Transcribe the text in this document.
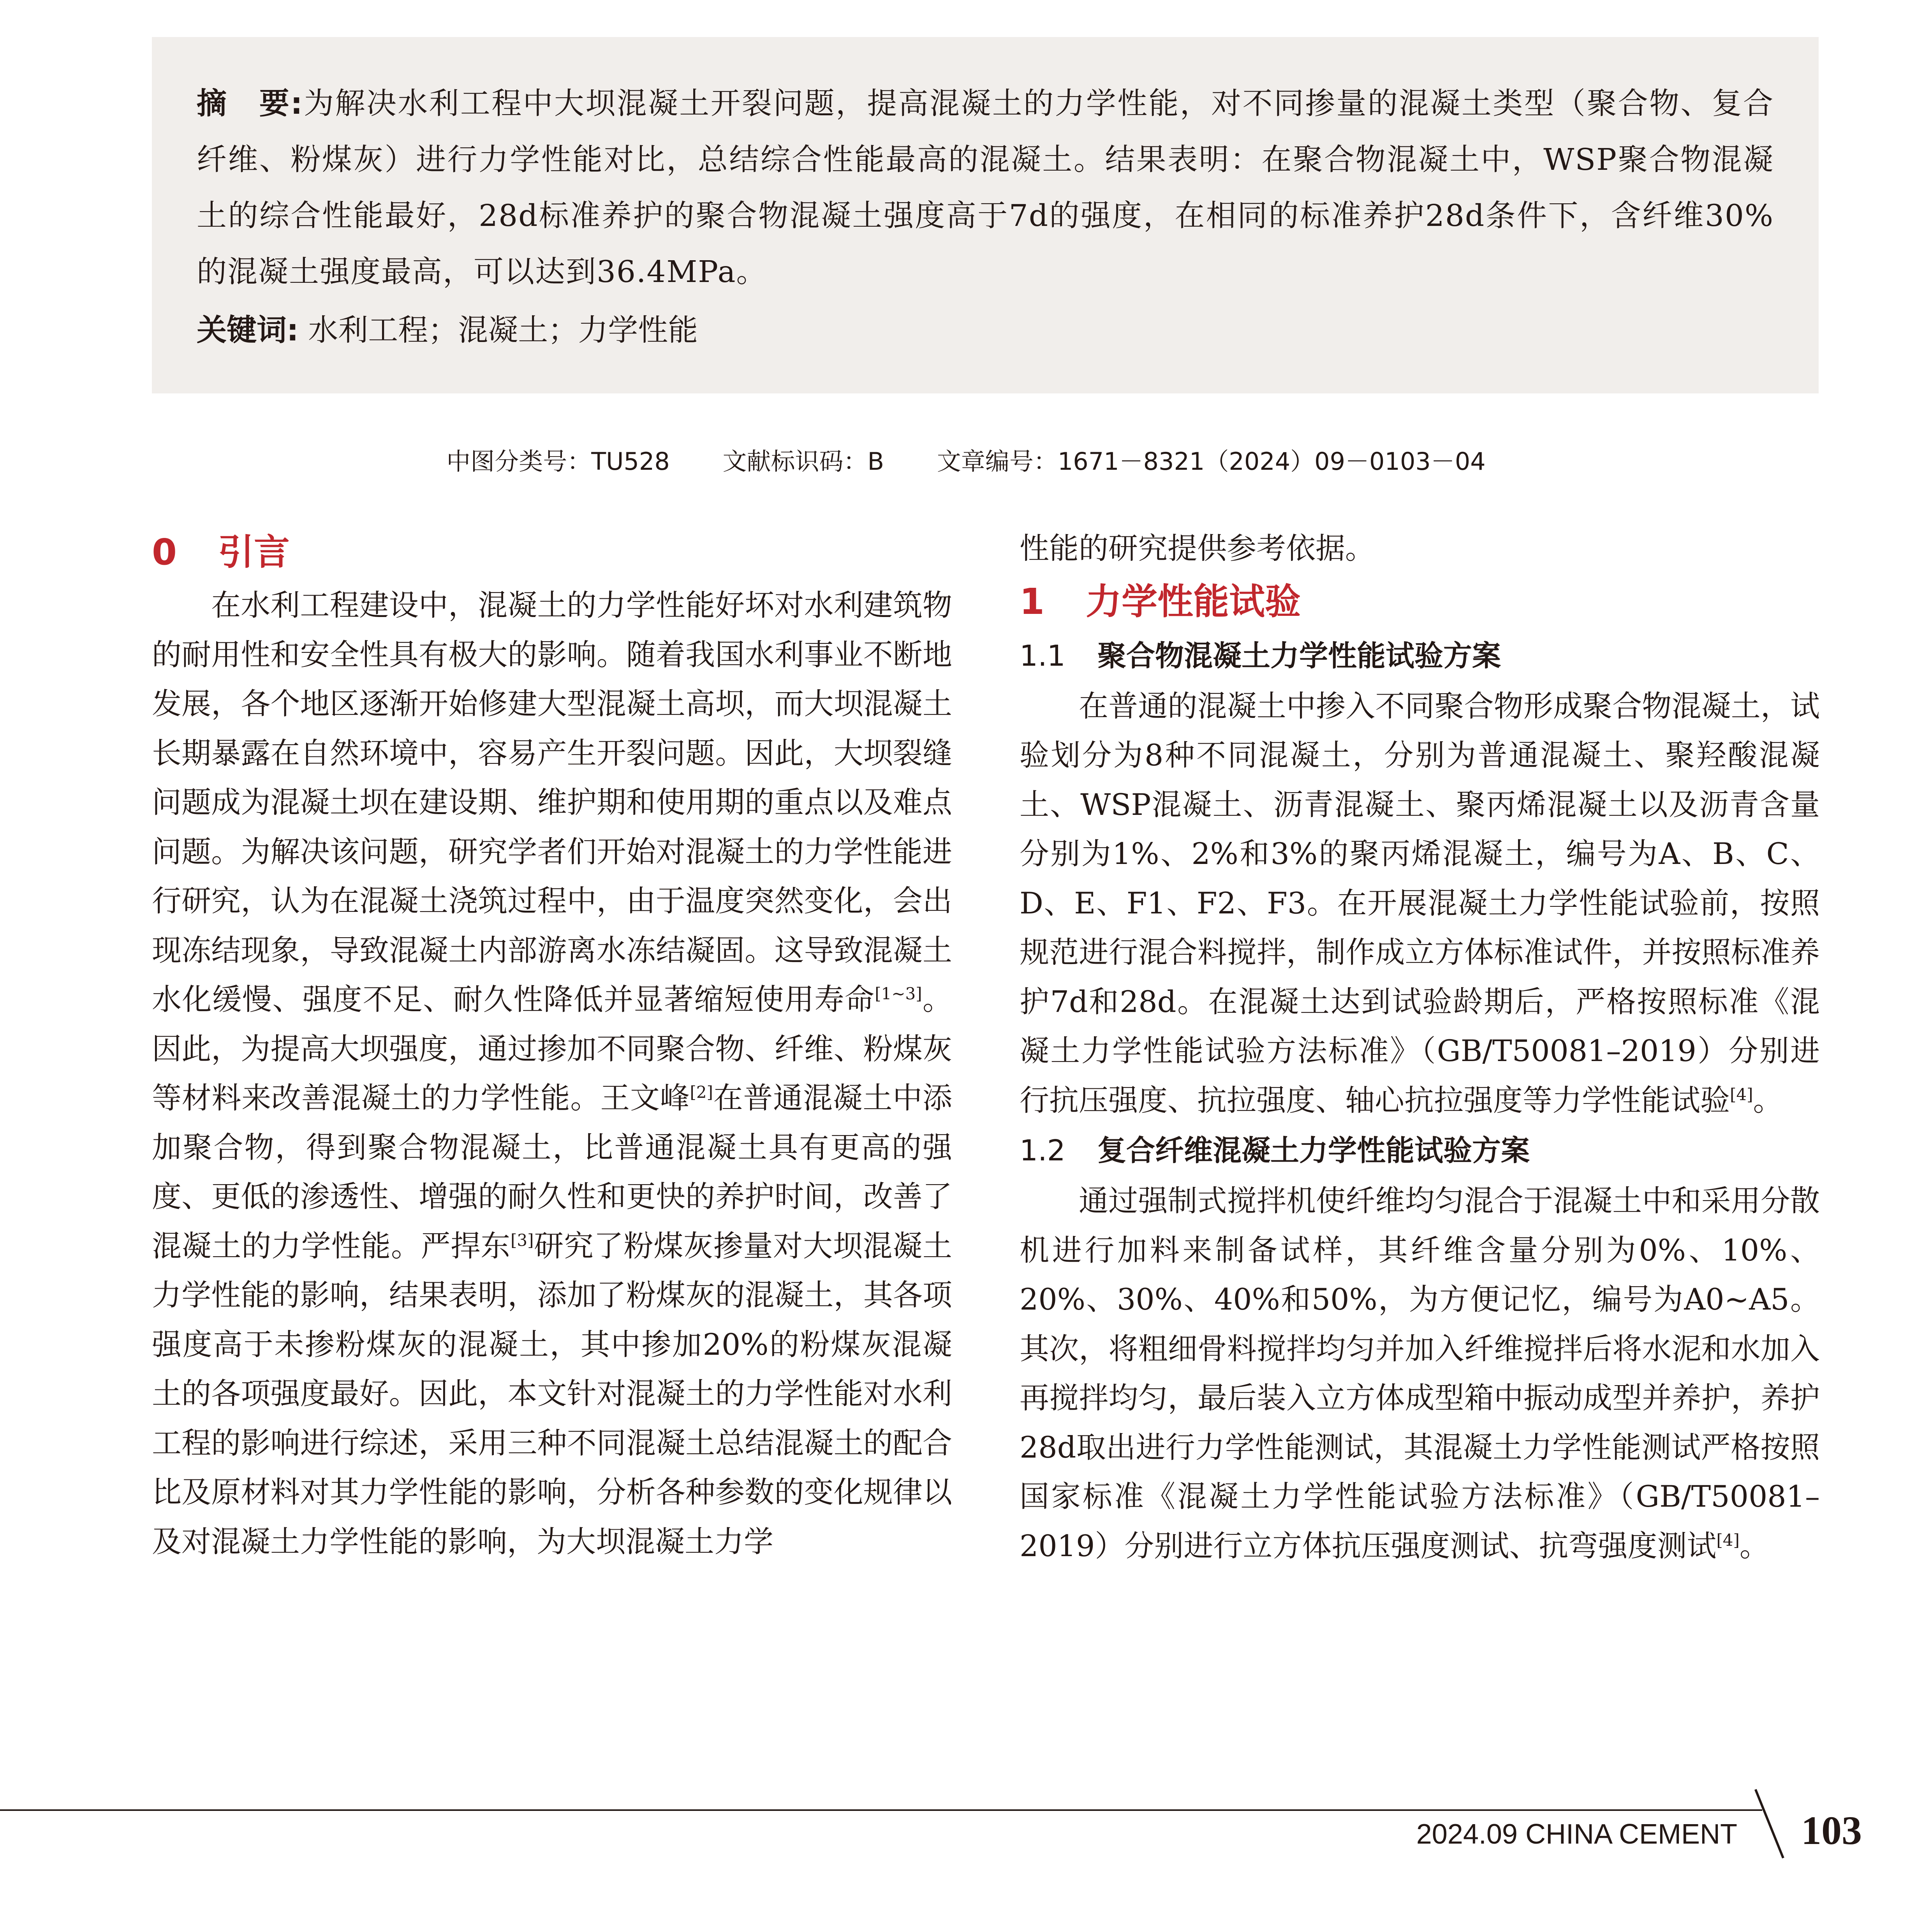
摘　要:为解决水利工程中大坝混凝土开裂问题，提高混凝土的力学性能，对不同掺量的混凝土类型（聚合物、复合纤维、粉煤灰）进行力学性能对比，总结综合性能最高的混凝土。结果表明：在聚合物混凝土中，WSP聚合物混凝土的综合性能最好，28d标准养护的聚合物混凝土强度高于7d的强度，在相同的标准养护28d条件下，含纤维30%的混凝土强度最高，可以达到36.4MPa。

关键词: 水利工程；混凝土；力学性能

中图分类号：TU528 文献标识码：B 文章编号：1671－8321（2024）09－0103－04
0 引言

在水利工程建设中，混凝土的力学性能好坏对水利建筑物的耐用性和安全性具有极大的影响。随着我国水利事业不断地发展，各个地区逐渐开始修建大型混凝土高坝，而大坝混凝土长期暴露在自然环境中，容易产生开裂问题。因此，大坝裂缝问题成为混凝土坝在建设期、维护期和使用期的重点以及难点问题。为解决该问题，研究学者们开始对混凝土的力学性能进行研究，认为在混凝土浇筑过程中，由于温度突然变化，会出现冻结现象，导致混凝土内部游离水冻结凝固。这导致混凝土水化缓慢、强度不足、耐久性降低并显著缩短使用寿命[1~3]。因此，为提高大坝强度，通过掺加不同聚合物、纤维、粉煤灰等材料来改善混凝土的力学性能。王文峰[2]在普通混凝土中添加聚合物，得到聚合物混凝土，比普通混凝土具有更高的强度、更低的渗透性、增强的耐久性和更快的养护时间，改善了混凝土的力学性能。严捍东[3]研究了粉煤灰掺量对大坝混凝土力学性能的影响，结果表明，添加了粉煤灰的混凝土，其各项强度高于未掺粉煤灰的混凝土，其中掺加20%的粉煤灰混凝土的各项强度最好。因此，本文针对混凝土的力学性能对水利工程的影响进行综述，采用三种不同混凝土总结混凝土的配合比及原材料对其力学性能的影响，分析各种参数的变化规律以及对混凝土力学性能的影响，为大坝混凝土力学

性能的研究提供参考依据。

1 力学性能试验
1.1 聚合物混凝土力学性能试验方案

在普通的混凝土中掺入不同聚合物形成聚合物混凝土，试验划分为8种不同混凝土，分别为普通混凝土、聚羟酸混凝土、WSP混凝土、沥青混凝土、聚丙烯混凝土以及沥青含量分别为1%、2%和3%的聚丙烯混凝土，编号为A、B、C、D、E、F1、F2、F3。在开展混凝土力学性能试验前，按照规范进行混合料搅拌，制作成立方体标准试件，并按照标准养护7d和28d。在混凝土达到试验龄期后，严格按照标准《混凝土力学性能试验方法标准》（GB/T50081–2019）分别进行抗压强度、抗拉强度、轴心抗拉强度等力学性能试验[4]。

1.2 复合纤维混凝土力学性能试验方案

通过强制式搅拌机使纤维均匀混合于混凝土中和采用分散机进行加料来制备试样，其纤维含量分别为0%、10%、20%、30%、40%和50%，为方便记忆，编号为A0~A5。其次，将粗细骨料搅拌均匀并加入纤维搅拌后将水泥和水加入再搅拌均匀，最后装入立方体成型箱中振动成型并养护，养护28d取出进行力学性能测试，其混凝土力学性能测试严格按照国家标准《混凝土力学性能试验方法标准》（GB/T50081–2019）分别进行立方体抗压强度测试、抗弯强度测试[4]。

2024.09 CHINA CEMENT 103
